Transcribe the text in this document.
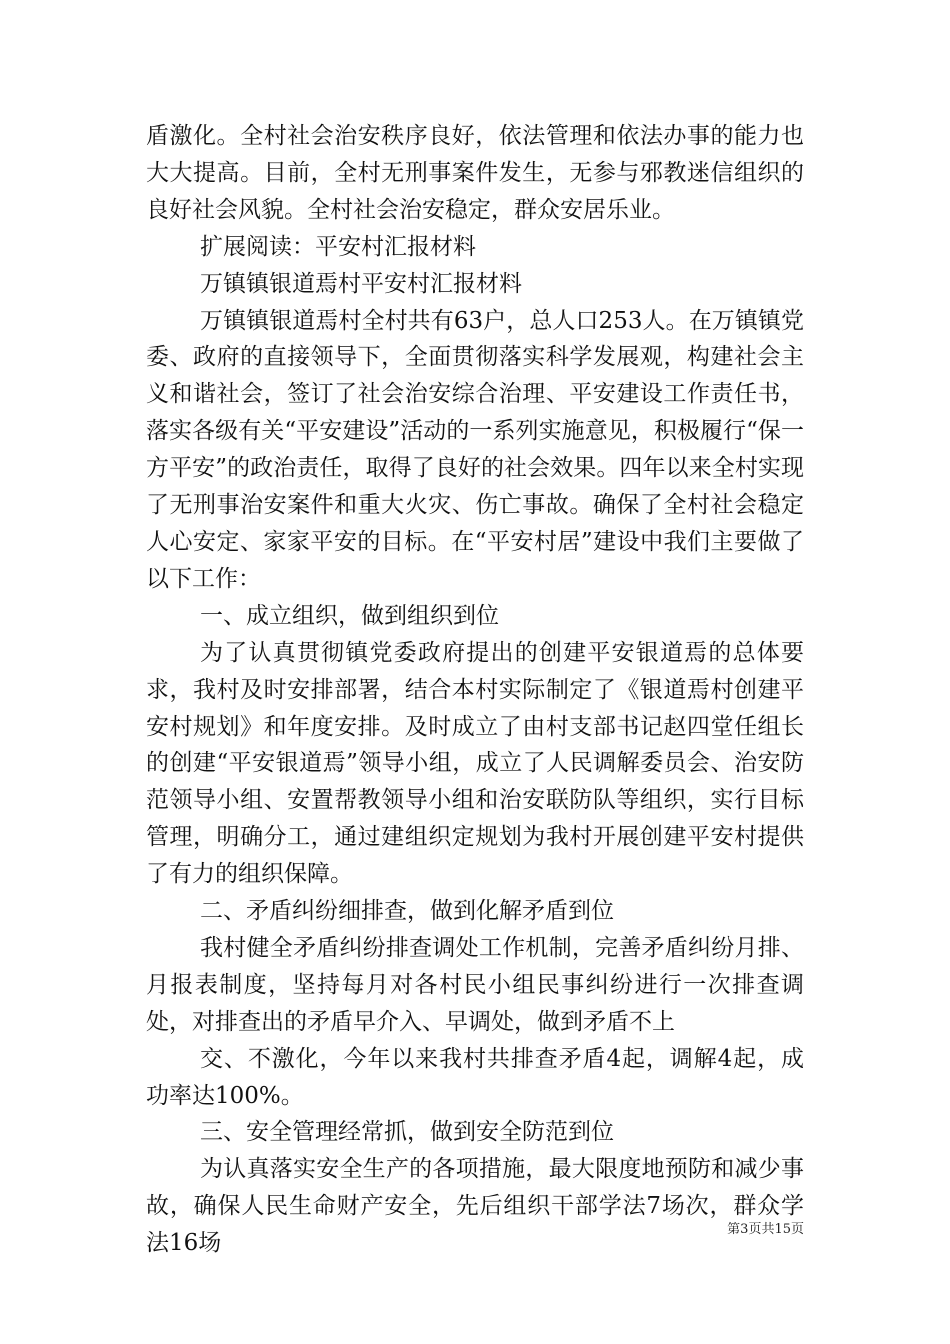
盾激化。全村社会治安秩序良好，依法管理和依法办事的能力也大大提高。目前，全村无刑事案件发生，无参与邪教迷信组织的良好社会风貌。全村社会治安稳定，群众安居乐业。

扩展阅读：平安村汇报材料

万镇镇银道焉村平安村汇报材料

万镇镇银道焉村全村共有63户，总人口253人。在万镇镇党委、政府的直接领导下，全面贯彻落实科学发展观，构建社会主义和谐社会，签订了社会治安综合治理、平安建设工作责任书，落实各级有关“平安建设”活动的一系列实施意见，积极履行“保一方平安”的政治责任，取得了良好的社会效果。四年以来全村实现了无刑事治安案件和重大火灾、伤亡事故。确保了全村社会稳定人心安定、家家平安的目标。在“平安村居”建设中我们主要做了以下工作：

一、成立组织，做到组织到位

为了认真贯彻镇党委政府提出的创建平安银道焉的总体要求，我村及时安排部署，结合本村实际制定了《银道焉村创建平安村规划》和年度安排。及时成立了由村支部书记赵四堂任组长的创建“平安银道焉”领导小组，成立了人民调解委员会、治安防范领导小组、安置帮教领导小组和治安联防队等组织，实行目标管理，明确分工，通过建组织定规划为我村开展创建平安村提供了有力的组织保障。

二、矛盾纠纷细排查，做到化解矛盾到位

我村健全矛盾纠纷排查调处工作机制，完善矛盾纠纷月排、月报表制度，坚持每月对各村民小组民事纠纷进行一次排查调处，对排查出的矛盾早介入、早调处，做到矛盾不上

交、不激化，今年以来我村共排查矛盾4起，调解4起，成功率达100%。

三、安全管理经常抓，做到安全防范到位

为认真落实安全生产的各项措施，最大限度地预防和减少事故，确保人民生命财产安全，先后组织干部学法7场次，群众学法16场

第3页共15页
